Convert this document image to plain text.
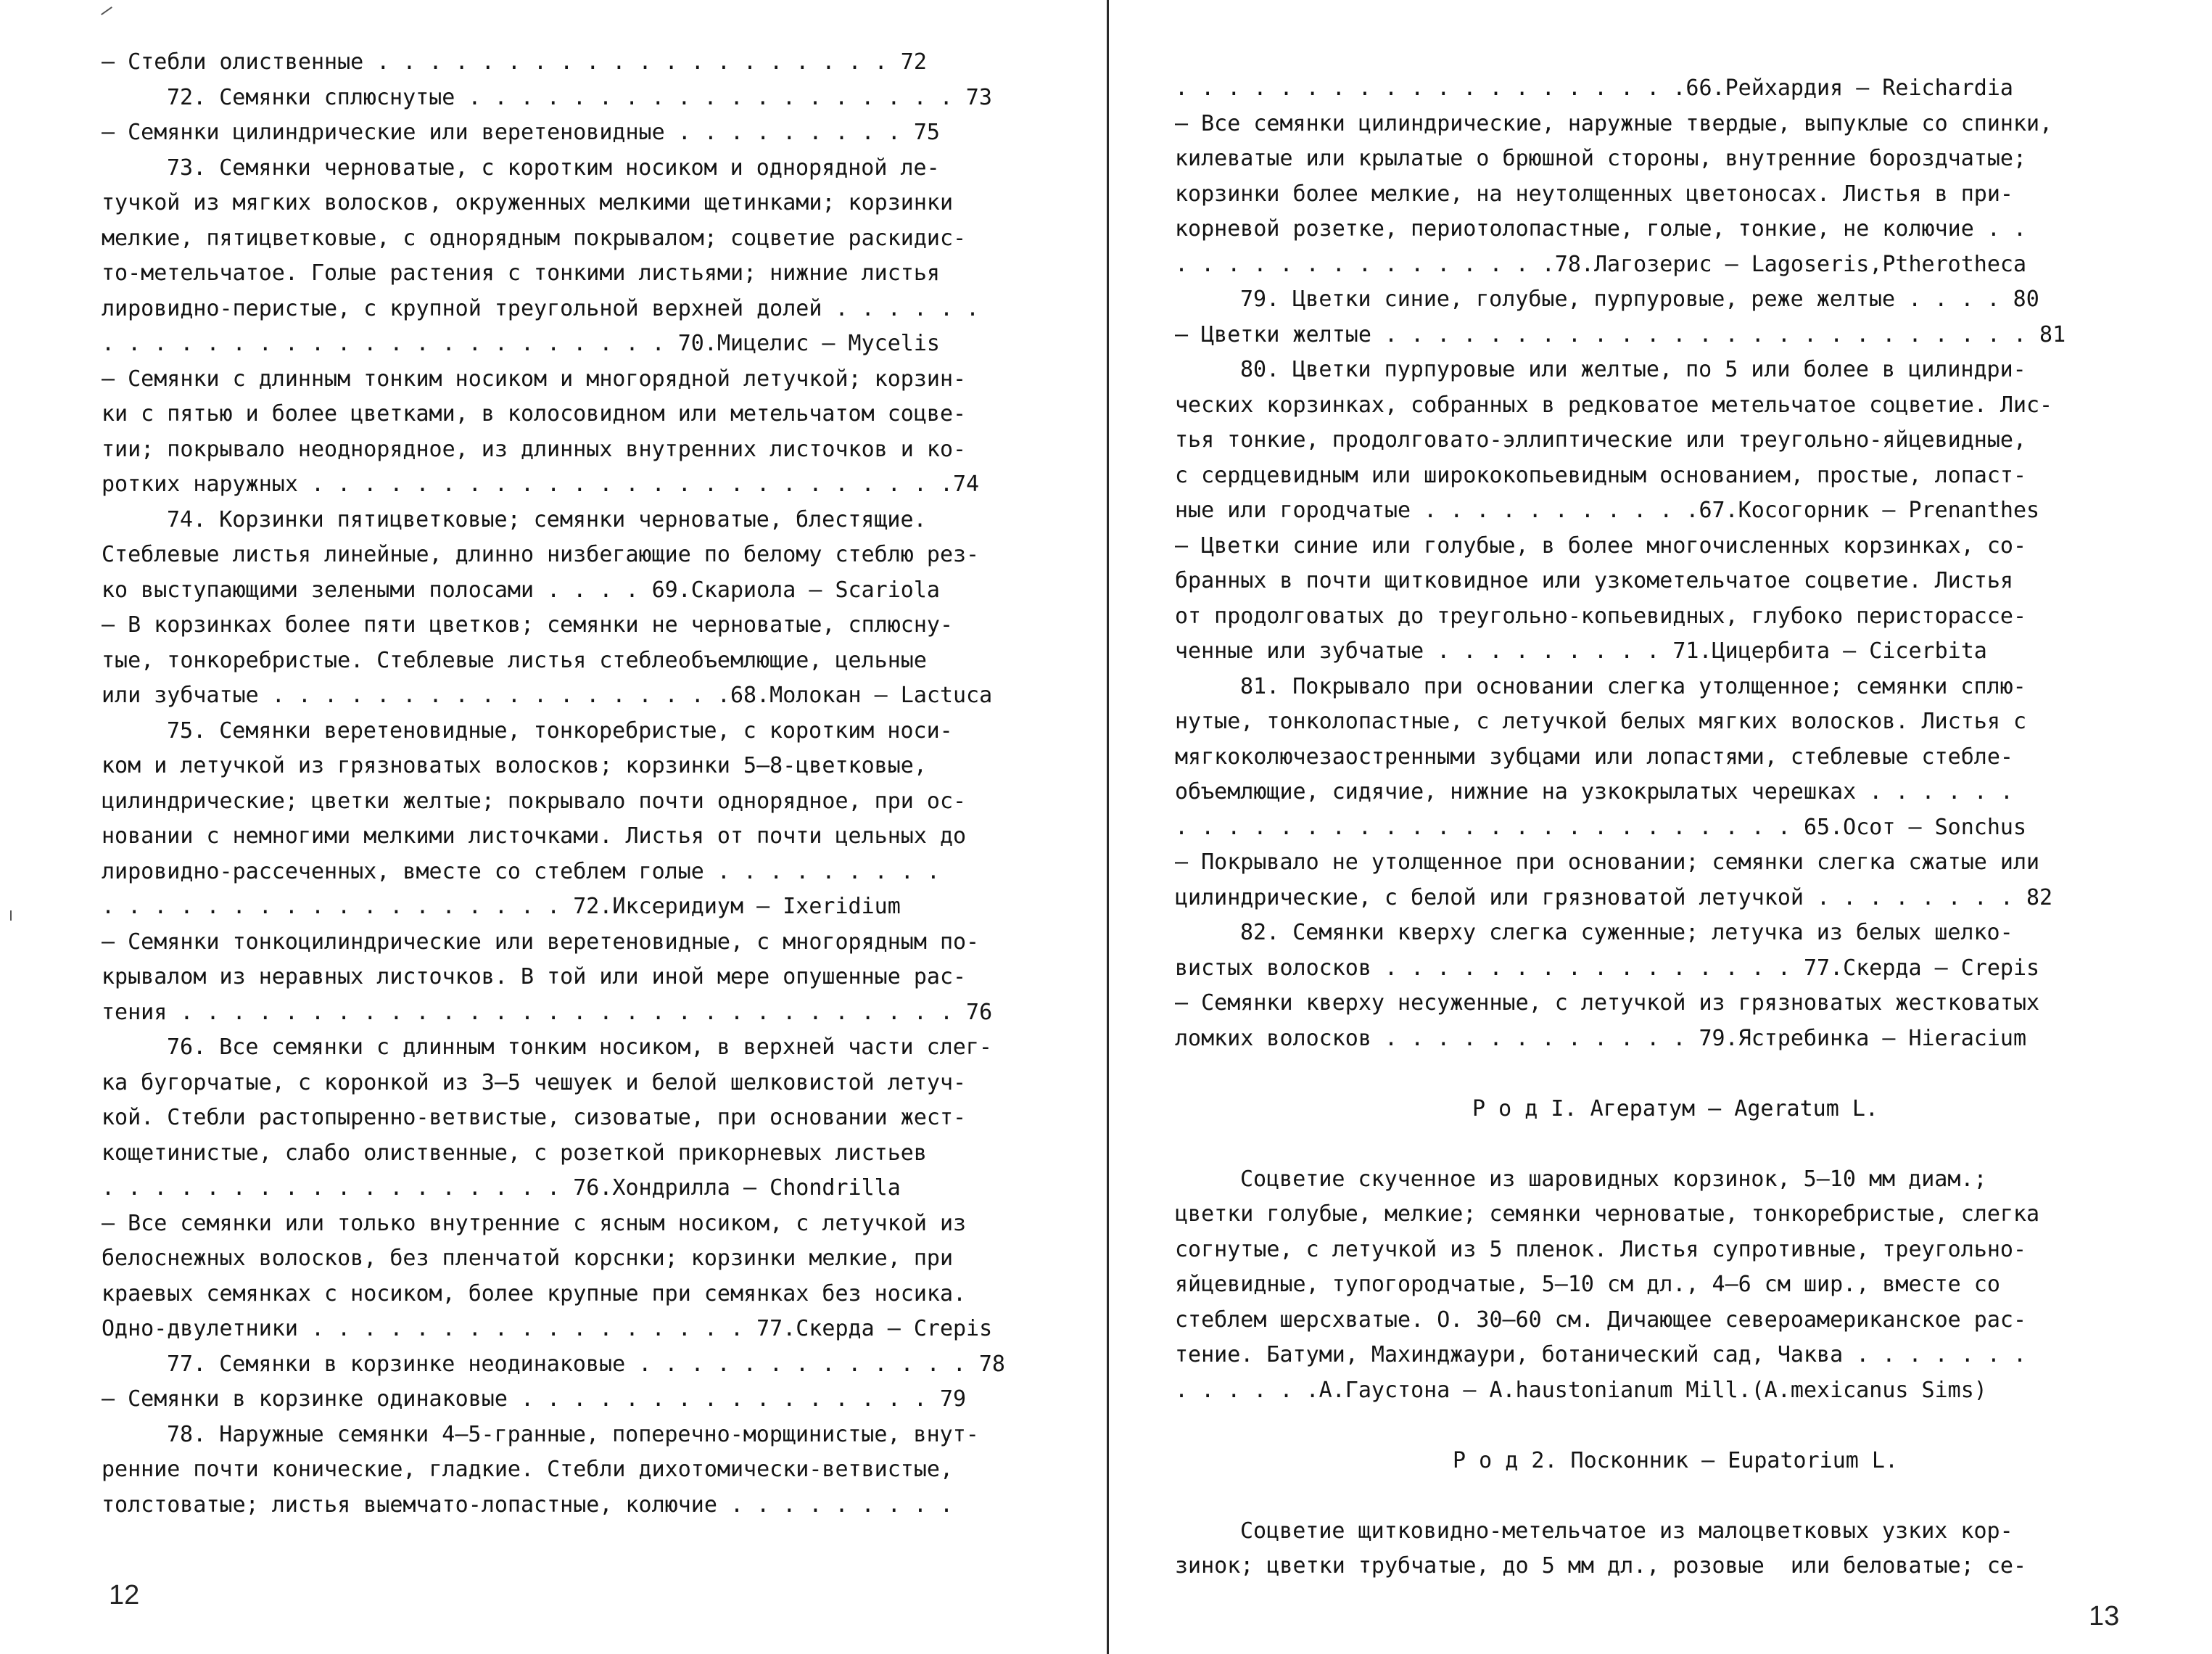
– Стебли олиственные . . . . . . . . . . . . . . . . . . . . 72
72. Семянки сплюснутые . . . . . . . . . . . . . . . . . . . 73
– Семянки цилиндрические или веретеновидные . . . . . . . . . 75
73. Семянки черноватые, с коротким носиком и однорядной ле-
тучкой из мягких волосков, окруженных мелкими щетинками; корзинки
мелкие, пятицветковые, с однорядным покрывалом; соцветие раскидис-
то-метельчатое. Голые растения с тонкими листьями; нижние листья
лировидно-перистые, с крупной треугольной верхней долей . . . . . .
. . . . . . . . . . . . . . . . . . . . . . 70.Мицелис – Mycelis
– Семянки с длинным тонким носиком и многорядной летучкой; корзин-
ки с пятью и более цветками, в колосовидном или метельчатом соцве-
тии; покрывало неоднорядное, из длинных внутренних листочков и ко-
ротких наружных . . . . . . . . . . . . . . . . . . . . . . . . .74
74. Корзинки пятицветковые; семянки черноватые, блестящие.
Стеблевые листья линейные, длинно низбегающие по белому стеблю рез-
ко выступающими зелеными полосами . . . . 69.Скариола – Scariola
– В корзинках более пяти цветков; семянки не черноватые, сплюсну-
тые, тонкоребристые. Стеблевые листья стеблеобъемлющие, цельные
или зубчатые . . . . . . . . . . . . . . . . . .68.Молокан – Lactuca
75. Семянки веретеновидные, тонкоребристые, с коротким носи-
ком и летучкой из грязноватых волосков; корзинки 5–8-цветковые,
цилиндрические; цветки желтые; покрывало почти однорядное, при ос-
новании с немногими мелкими листочками. Листья от почти цельных до
лировидно-рассеченных, вместе со стеблем голые . . . . . . . . .
. . . . . . . . . . . . . . . . . . 72.Иксеридиум – Ixeridium
– Семянки тонкоцилиндрические или веретеновидные, с многорядным по-
крывалом из неравных листочков. В той или иной мере опушенные рас-
тения . . . . . . . . . . . . . . . . . . . . . . . . . . . . . . 76
76. Все семянки с длинным тонким носиком, в верхней части слег-
ка бугорчатые, с коронкой из 3–5 чешуек и белой шелковистой летуч-
кой. Стебли растопыренно-ветвистые, сизоватые, при основании жест-
кощетинистые, слабо олиственные, с розеткой прикорневых листьев
. . . . . . . . . . . . . . . . . . 76.Хондрилла – Chondrilla
– Все семянки или только внутренние с ясным носиком, с летучкой из
белоснежных волосков, без пленчатой корснки; корзинки мелкие, при
краевых семянках с носиком, более крупные при семянках без носика.
Одно-двулетники . . . . . . . . . . . . . . . . . 77.Скерда – Crepis
77. Семянки в корзинке неодинаковые . . . . . . . . . . . . . 78
– Семянки в корзинке одинаковые . . . . . . . . . . . . . . . . 79
78. Наружные семянки 4–5-гранные, поперечно-морщинистые, внут-
ренние почти конические, гладкие. Стебли дихотомически-ветвистые,
толстоватые; листья выемчато-лопастные, колючие . . . . . . . . .
12
. . . . . . . . . . . . . . . . . . . .66.Рейхардия – Reichardia
– Все семянки цилиндрические, наружные твердые, выпуклые со спинки,
килеватые или крылатые о брюшной стороны, внутренние бороздчатые;
корзинки более мелкие, на неутолщенных цветоносах. Листья в при-
корневой розетке, периотолопастные, голые, тонкие, не колючие . .
. . . . . . . . . . . . . . .78.Лагозерис – Lagoseris,Ptherotheca
79. Цветки синие, голубые, пурпуровые, реже желтые . . . . 80
– Цветки желтые . . . . . . . . . . . . . . . . . . . . . . . . . 81
80. Цветки пурпуровые или желтые, по 5 или более в цилиндри-
ческих корзинках, собранных в редковатое метельчатое соцветие. Лис-
тья тонкие, продолговато-эллиптические или треугольно-яйцевидные,
с сердцевидным или ширококопьевидным основанием, простые, лопаст-
ные или городчатые . . . . . . . . . . .67.Косогорник – Prenanthes
– Цветки синие или голубые, в более многочисленных корзинках, со-
бранных в почти щитковидное или узкометельчатое соцветие. Листья
от продолговатых до треугольно-копьевидных, глубоко перисторассе-
ченные или зубчатые . . . . . . . . . 71.Цицербита – Cicerbita
81. Покрывало при основании слегка утолщенное; семянки сплю-
нутые, тонколопастные, с летучкой белых мягких волосков. Листья с
мягкоколючезаостренными зубцами или лопастями, стеблевые стебле-
объемлющие, сидячие, нижние на узкокрылатых черешках . . . . . .
. . . . . . . . . . . . . . . . . . . . . . . . 65.Осот – Sonchus
– Покрывало не утолщенное при основании; семянки слегка сжатые или
цилиндрические, с белой или грязноватой летучкой . . . . . . . . 82
82. Семянки кверху слегка суженные; летучка из белых шелко-
вистых волосков . . . . . . . . . . . . . . . . 77.Скерда – Crepis
– Семянки кверху несуженные, с летучкой из грязноватых жестковатых
ломких волосков . . . . . . . . . . . . 79.Ястребинка – Hieracium
Р о д I. Агератум – Ageratum L.
Соцветие скученное из шаровидных корзинок, 5–10 мм диам.;
цветки голубые, мелкие; семянки черноватые, тонкоребристые, слегка
согнутые, с летучкой из 5 пленок. Листья супротивные, треугольно-
яйцевидные, тупогородчатые, 5–10 см дл., 4–6 см шир., вместе со
стеблем шерсхватые. О. 30–60 см. Дичающее североамериканское рас-
тение. Батуми, Махинджаури, ботанический сад, Чаква . . . . . . .
. . . . . .А.Гаустона – A.haustonianum Mill.(A.mexicanus Sims)
Р о д 2. Посконник – Eupatorium L.
Соцветие щитковидно-метельчатое из малоцветковых узких кор-
зинок; цветки трубчатые, до 5 мм дл., розовые  или беловатые; се-
13
